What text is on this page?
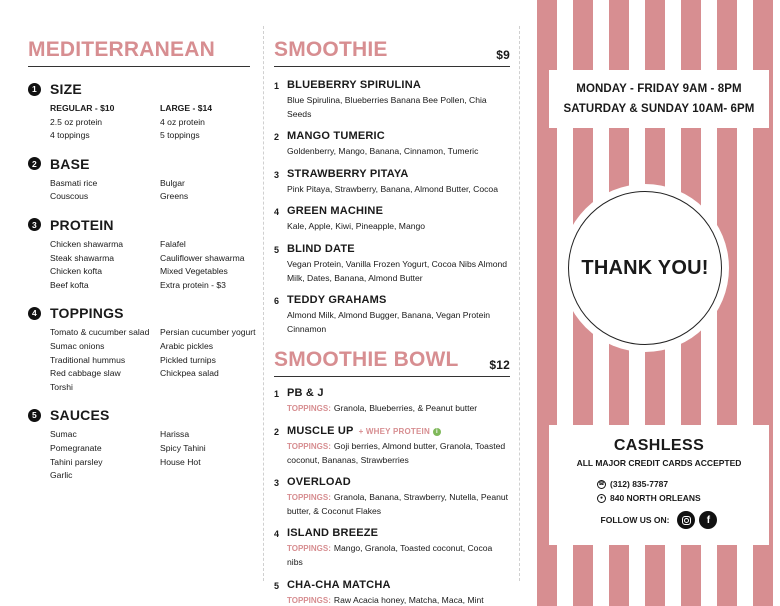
MEDITERRANEAN
1 SIZE
REGULAR - $10	LARGE - $14
2.5 oz protein	4 oz protein
4 toppings	5 toppings
2 BASE
Basmati rice	Bulgar
Couscous	Greens
3 PROTEIN
Chicken shawarma	Falafel
Steak shawarma	Cauliflower shawarma
Chicken kofta	Mixed Vegetables
Beef kofta	Extra protein - $3
4 TOPPINGS
Tomato & cucumber salad	Persian cucumber yogurt
Sumac onions	Arabic pickles
Traditional hummus	Pickled turnips
Red cabbage slaw	Chickpea salad
Torshi
5 SAUCES
Sumac	Harissa
Pomegranate	Spicy Tahini
Tahini parsley	House Hot
Garlic
SMOOTHIE	$9
1 BLUEBERRY SPIRULINA
Blue Spirulina, Blueberries Banana Bee Pollen, Chia Seeds
2 MANGO TUMERIC
Goldenberry, Mango, Banana, Cinnamon, Tumeric
3 STRAWBERRY PITAYA
Pink Pitaya, Strawberry, Banana, Almond Butter, Cocoa
4 GREEN MACHINE
Kale, Apple, Kiwi, Pineapple, Mango
5 BLIND DATE
Vegan Protein, Vanilla Frozen Yogurt, Cocoa Nibs Almond Milk, Dates, Banana, Almond Butter
6 TEDDY GRAHAMS
Almond Milk, Almond Bugger, Banana, Vegan Protein Cinnamon
SMOOTHIE BOWL	$12
1 PB & J
TOPPINGS: Granola, Blueberries, & Peanut butter
2 MUSCLE UP + WHEY PROTEIN i
TOPPINGS: Goji berries, Almond butter, Granola, Toasted coconut, Bananas, Strawberries
3 OVERLOAD
TOPPINGS: Granola, Banana, Strawberry, Nutella, Peanut butter, & Coconut Flakes
4 ISLAND BREEZE
TOPPINGS: Mango, Granola, Toasted coconut, Cocoa nibs
5 CHA-CHA MATCHA
TOPPINGS: Raw Acacia honey, Matcha, Maca, Mint
MONDAY - FRIDAY 9AM - 8PM
SATURDAY & SUNDAY 10AM- 6PM
THANK YOU!
CASHLESS
ALL MAJOR CREDIT CARDS ACCEPTED
☎ (312) 835-7787
● 840 NORTH ORLEANS
FOLLOW US ON:	f
